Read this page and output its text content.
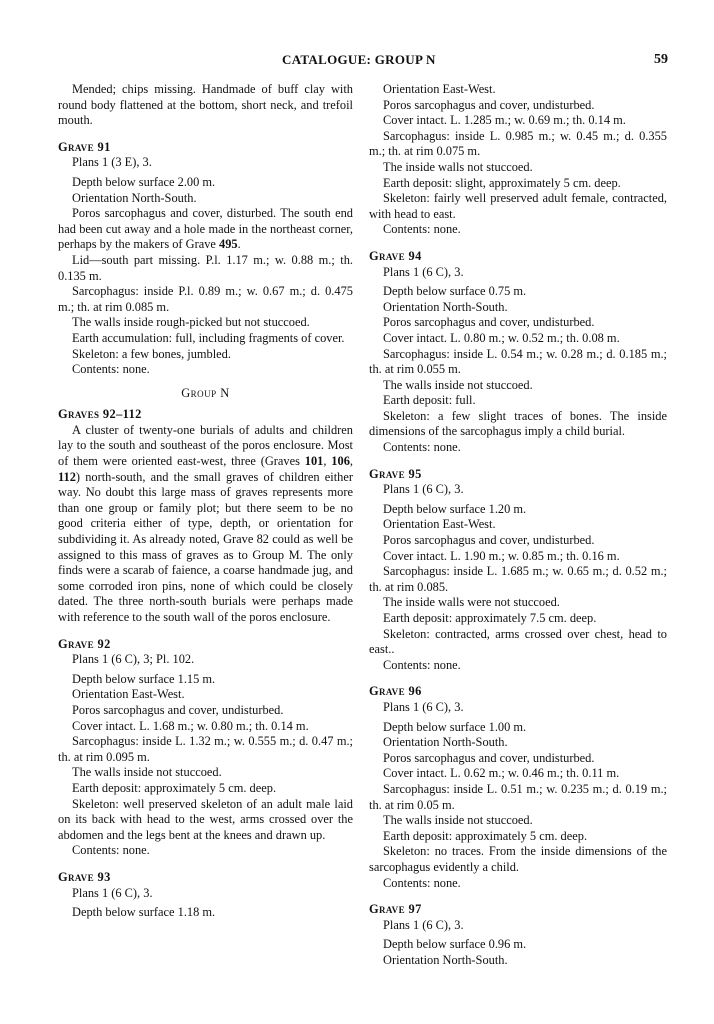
CATALOGUE: GROUP N	59

Mended; chips missing. Handmade of buff clay with round body flattened at the bottom, short neck, and trefoil mouth.

Grave 91

Plans 1 (3 E), 3.

Depth below surface 2.00 m.

Orientation North-South.

Poros sarcophagus and cover, disturbed. The south end had been cut away and a hole made in the northeast corner, perhaps by the makers of Grave 495.

Lid—south part missing. P.l. 1.17 m.; w. 0.88 m.; th. 0.135 m.

Sarcophagus: inside P.l. 0.89 m.; w. 0.67 m.; d. 0.475 m.; th. at rim 0.085 m.

The walls inside rough-picked but not stuccoed.

Earth accumulation: full, including fragments of cover.

Skeleton: a few bones, jumbled.

Contents: none.

Group N
Graves 92–112

A cluster of twenty-one burials of adults and children lay to the south and southeast of the poros enclosure. Most of them were oriented east-west, three (Graves 101, 106, 112) north-south, and the small graves of children either way. No doubt this large mass of graves represents more than one group or family plot; but there seem to be no good criteria either of type, depth, or orientation for subdividing it. As already noted, Grave 82 could as well be assigned to this mass of graves as to Group M. The only finds were a scarab of faience, a coarse handmade jug, and some corroded iron pins, none of which could be closely dated. The three north-south burials were perhaps made with reference to the south wall of the poros enclosure.

Grave 92

Plans 1 (6 C), 3; Pl. 102.

Depth below surface 1.15 m.

Orientation East-West.

Poros sarcophagus and cover, undisturbed.

Cover intact. L. 1.68 m.; w. 0.80 m.; th. 0.14 m.

Sarcophagus: inside L. 1.32 m.; w. 0.555 m.; d. 0.47 m.; th. at rim 0.095 m.

The walls inside not stuccoed.

Earth deposit: approximately 5 cm. deep.

Skeleton: well preserved skeleton of an adult male laid on its back with head to the west, arms crossed over the abdomen and the legs bent at the knees and drawn up.

Contents: none.

Grave 93

Plans 1 (6 C), 3.

Depth below surface 1.18 m.

Orientation East-West.

Poros sarcophagus and cover, undisturbed.

Cover intact. L. 1.285 m.; w. 0.69 m.; th. 0.14 m.

Sarcophagus: inside L. 0.985 m.; w. 0.45 m.; d. 0.355 m.; th. at rim 0.075 m.

The inside walls not stuccoed.

Earth deposit: slight, approximately 5 cm. deep.

Skeleton: fairly well preserved adult female, contracted, with head to east.

Contents: none.

Grave 94

Plans 1 (6 C), 3.

Depth below surface 0.75 m.

Orientation North-South.

Poros sarcophagus and cover, undisturbed.

Cover intact. L. 0.80 m.; w. 0.52 m.; th. 0.08 m.

Sarcophagus: inside L. 0.54 m.; w. 0.28 m.; d. 0.185 m.; th. at rim 0.055 m.

The walls inside not stuccoed.

Earth deposit: full.

Skeleton: a few slight traces of bones. The inside dimensions of the sarcophagus imply a child burial.

Contents: none.

Grave 95

Plans 1 (6 C), 3.

Depth below surface 1.20 m.

Orientation East-West.

Poros sarcophagus and cover, undisturbed.

Cover intact. L. 1.90 m.; w. 0.85 m.; th. 0.16 m.

Sarcophagus: inside L. 1.685 m.; w. 0.65 m.; d. 0.52 m.; th. at rim 0.085.

The inside walls were not stuccoed.

Earth deposit: approximately 7.5 cm. deep.

Skeleton: contracted, arms crossed over chest, head to east..

Contents: none.

Grave 96

Plans 1 (6 C), 3.

Depth below surface 1.00 m.

Orientation North-South.

Poros sarcophagus and cover, undisturbed.

Cover intact. L. 0.62 m.; w. 0.46 m.; th. 0.11 m.

Sarcophagus: inside L. 0.51 m.; w. 0.235 m.; d. 0.19 m.; th. at rim 0.05 m.

The walls inside not stuccoed.

Earth deposit: approximately 5 cm. deep.

Skeleton: no traces. From the inside dimensions of the sarcophagus evidently a child.

Contents: none.

Grave 97

Plans 1 (6 C), 3.

Depth below surface 0.96 m.

Orientation North-South.
